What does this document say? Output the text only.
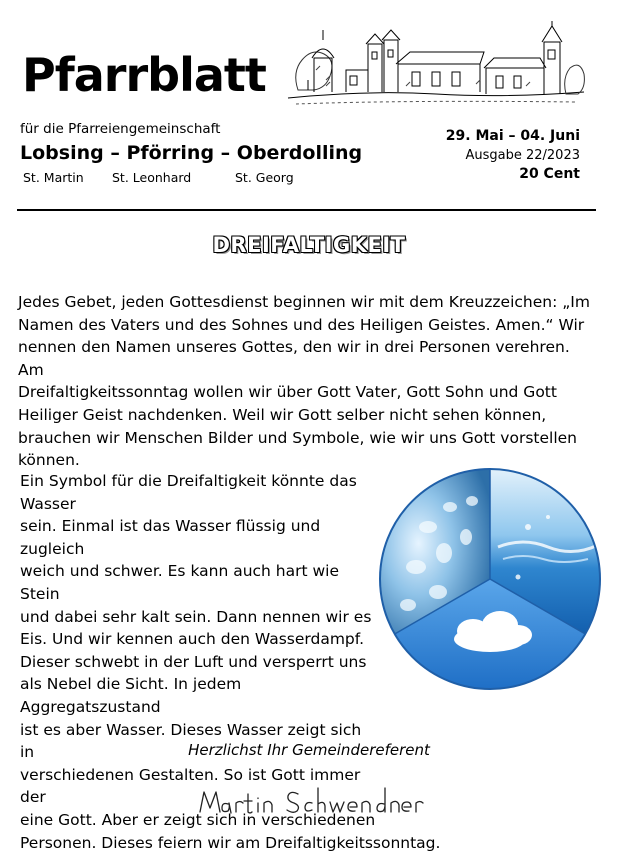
Pfarrblatt
für die Pfarreiengemeinschaft
Lobsing – Pförring – Oberdolling
St. Martin St. Leonhard	St. Georg
29. Mai – 04. Juni
Ausgabe 22/2023
20 Cent
DREIFALTIGKEIT
Jedes Gebet, jeden Gottesdienst beginnen wir mit dem Kreuzzeichen: „Im
Namen des Vaters und des Sohnes und des Heiligen Geistes. Amen.“ Wir
nennen den Namen unseres Gottes, den wir in drei Personen verehren. Am
Dreifaltigkeitssonntag wollen wir über Gott Vater, Gott Sohn und Gott
Heiliger Geist nachdenken. Weil wir Gott selber nicht sehen können,
brauchen wir Menschen Bilder und Symbole, wie wir uns Gott vorstellen
können.
Ein Symbol für die Dreifaltigkeit könnte das Wasser
sein. Einmal ist das Wasser flüssig und zugleich
weich und schwer. Es kann auch hart wie Stein
und dabei sehr kalt sein. Dann nennen wir es
Eis. Und wir kennen auch den Wasserdampf.
Dieser schwebt in der Luft und versperrt uns
als Nebel die Sicht. In jedem Aggregatszustand
ist es aber Wasser. Dieses Wasser zeigt sich in
verschiedenen Gestalten. So ist Gott immer der
eine Gott. Aber er zeigt sich in verschiedenen
Personen. Dieses feiern wir am Dreifaltigkeitssonntag.
Herzlichst Ihr Gemeindereferent
